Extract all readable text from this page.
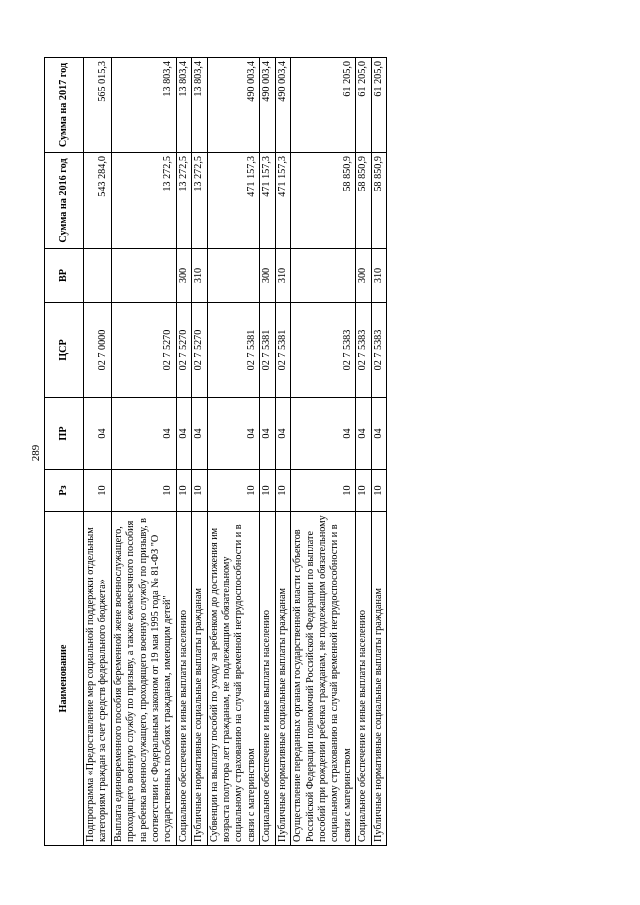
289
Наименование	Рз	ПР	ЦСР	ВР	Сумма на 2016 год	Сумма на 2017 год
Подпрограмма «Предоставление мер социальной поддержки отдельным категориям граждан за счет средств федерального бюджета»	10	04	02 7 0000		543 284,0	565 015,3
Выплата единовременного пособия беременной жене военнослужащего, проходящего военную службу по призыву, а также ежемесячного пособия на ребенка военнослужащего, проходящего военную службу по призыву, в соответствии с Федеральным законом от 19 мая 1995 года № 81-ФЗ "О государственных пособиях гражданам, имеющим детей"	10	04	02 7 5270		13 272,5	13 803,4
Социальное обеспечение и иные выплаты населению	10	04	02 7 5270	300	13 272,5	13 803,4
Публичные нормативные социальные выплаты гражданам	10	04	02 7 5270	310	13 272,5	13 803,4
Субвенции на выплату пособий по уходу за ребенком до достижения им возраста полутора лет гражданам, не подлежащим обязательному социальному страхованию на случай временной нетрудоспособности и в связи с материнством	10	04	02 7 5381		471 157,3	490 003,4
Социальное обеспечение и иные выплаты населению	10	04	02 7 5381	300	471 157,3	490 003,4
Публичные нормативные социальные выплаты гражданам	10	04	02 7 5381	310	471 157,3	490 003,4
Осуществление переданных органам государственной власти субъектов Российской Федерации полномочий Российской Федерации по выплате пособий при рождении ребенка гражданам, не подлежащим обязательному социальному страхованию на случай временной нетрудоспособности и в связи с материнством	10	04	02 7 5383		58 850,9	61 205,0
Социальное обеспечение и иные выплаты населению	10	04	02 7 5383	300	58 850,9	61 205,0
Публичные нормативные социальные выплаты гражданам	10	04	02 7 5383	310	58 850,9	61 205,0
